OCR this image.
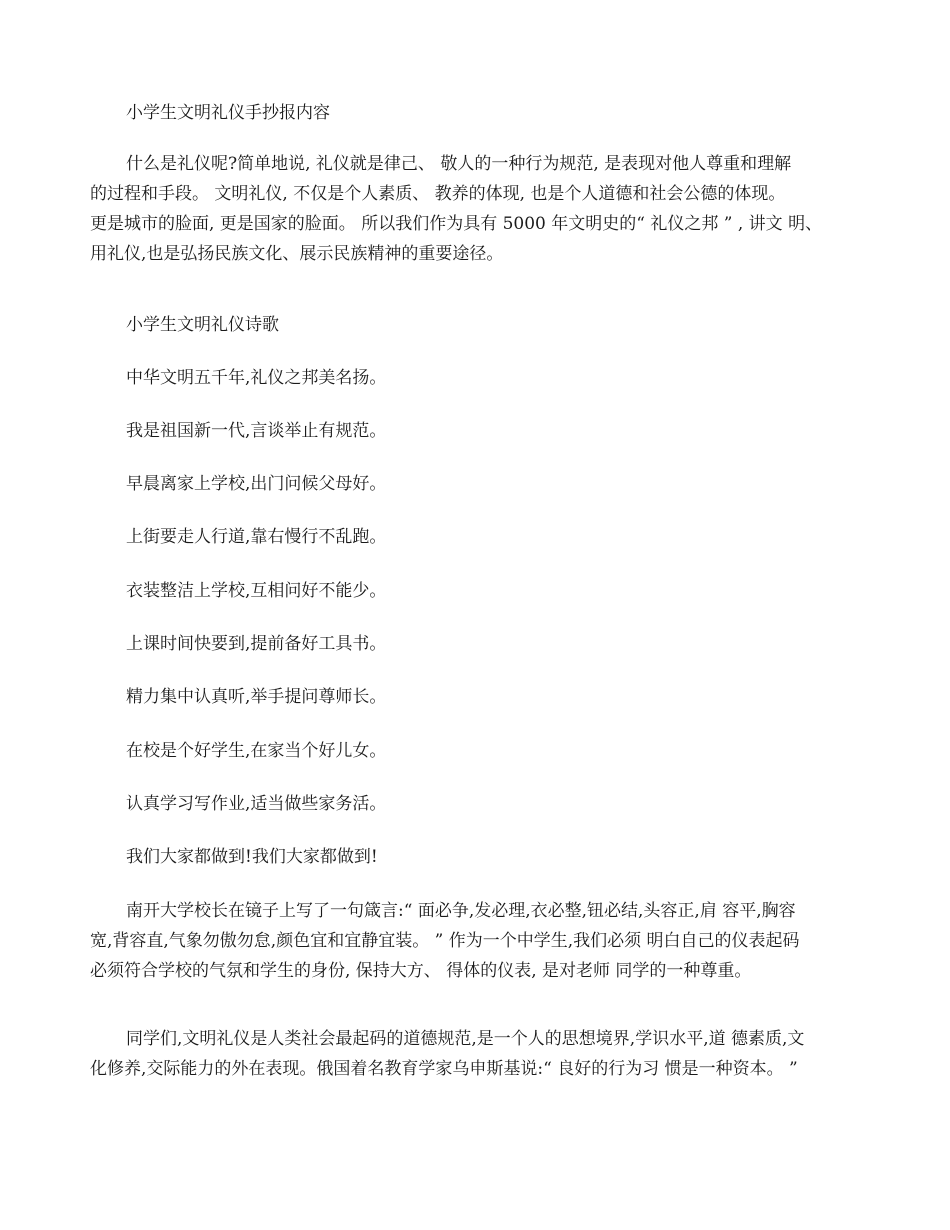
小学生文明礼仪手抄报内容

什么是礼仪呢?简单地说, 礼仪就是律己、 敬人的一种行为规范, 是表现对他人尊重和理解
的过程和手段。 文明礼仪, 不仅是个人素质、 教养的体现, 也是个人道德和社会公德的体现。
更是城市的脸面, 更是国家的脸面。 所以我们作为具有 5000 年文明史的“ 礼仪之邦 ” , 讲文 明、
用礼仪,也是弘扬民族文化、展示民族精神的重要途径。

小学生文明礼仪诗歌

中华文明五千年,礼仪之邦美名扬。

我是祖国新一代,言谈举止有规范。

早晨离家上学校,出门问候父母好。

上街要走人行道,靠右慢行不乱跑。

衣装整洁上学校,互相问好不能少。

上课时间快要到,提前备好工具书。

精力集中认真听,举手提问尊师长。

在校是个好学生,在家当个好儿女。

认真学习写作业,适当做些家务活。

我们大家都做到!我们大家都做到!

南开大学校长在镜子上写了一句箴言:“ 面必争,发必理,衣必整,钮必结,头容正,肩 容平,胸容
宽,背容直,气象勿傲勿怠,颜色宜和宜静宜装。 ” 作为一个中学生,我们必须 明白自己的仪表起码
必须符合学校的气氛和学生的身份, 保持大方、 得体的仪表, 是对老师 同学的一种尊重。

同学们,文明礼仪是人类社会最起码的道德规范,是一个人的思想境界,学识水平,道 德素质,文
化修养,交际能力的外在表现。俄国着名教育学家乌申斯基说:“ 良好的行为习 惯是一种资本。 ”
